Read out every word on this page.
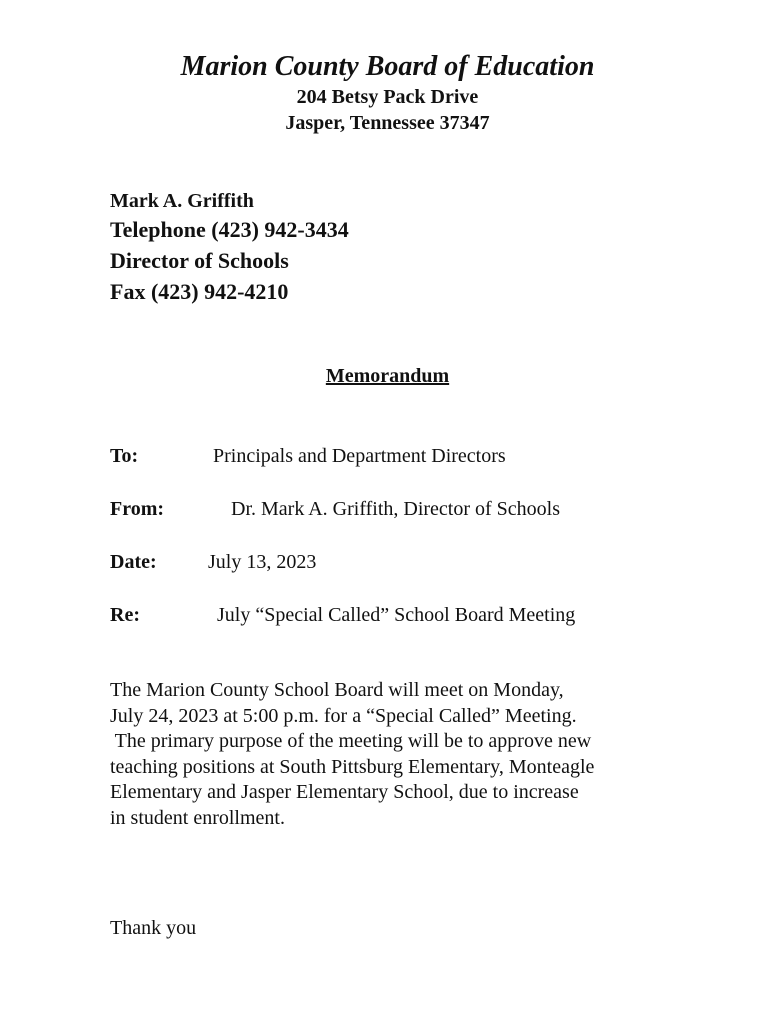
Marion County Board of Education
204 Betsy Pack Drive
Jasper, Tennessee 37347
Mark A. Griffith
Telephone (423) 942-3434
Director of Schools
Fax (423) 942-4210
Memorandum
To:	Principals and Department Directors
From:	Dr. Mark A. Griffith, Director of Schools
Date:	July 13, 2023
Re:	July “Special Called” School Board Meeting
The Marion County School Board will meet on Monday,
July 24, 2023 at 5:00 p.m. for a “Special Called” Meeting.
The primary purpose of the meeting will be to approve new
teaching positions at South Pittsburg Elementary, Monteagle
Elementary and Jasper Elementary School, due to increase
in student enrollment.
Thank you
